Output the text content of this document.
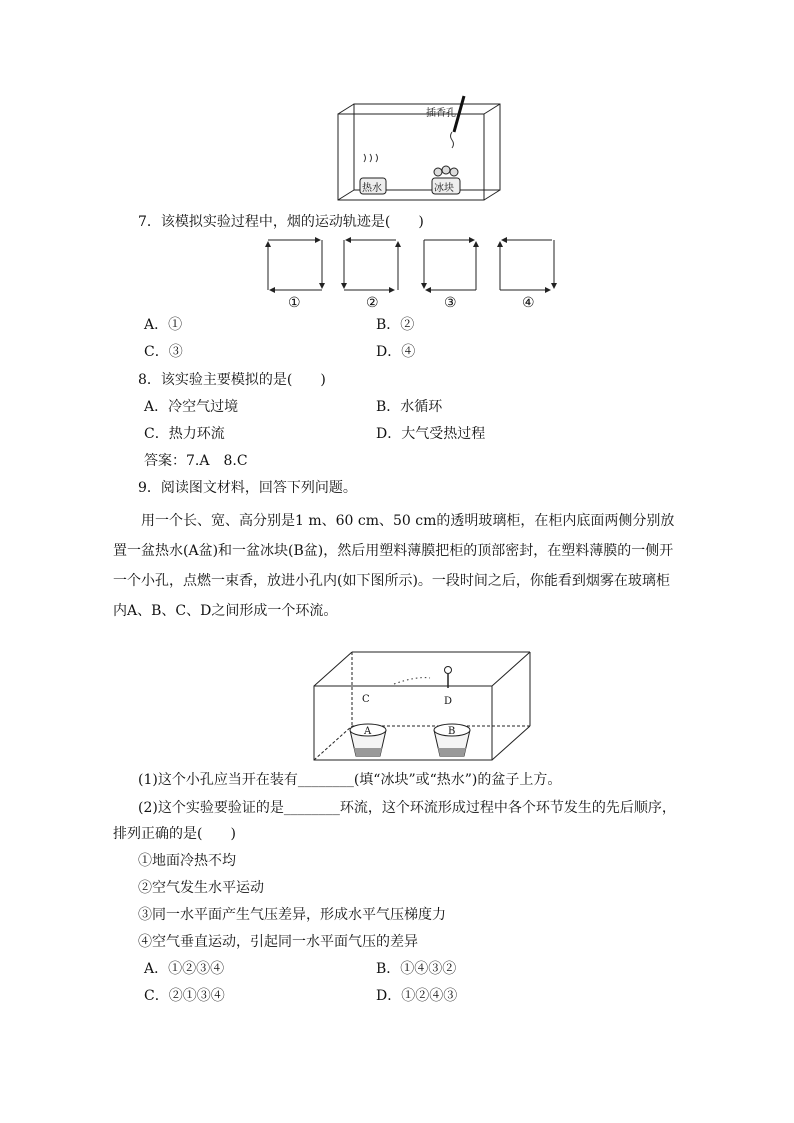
插香孔
热水	冰块
7．该模拟实验过程中，烟的运动轨迹是(　　)
①	②	③	④
A．①	B．②
C．③	D．④
8．该实验主要模拟的是(　　)
A．冷空气过境	B．水循环
C．热力环流	D．大气受热过程
答案：7.A　8.C
9．阅读图文材料，回答下列问题。
用一个长、宽、高分别是1 m、60 cm、50 cm的透明玻璃柜，在柜内底面两侧分别放置一盆热水(A盆)和一盆冰块(B盆)，然后用塑料薄膜把柜的顶部密封，在塑料薄膜的一侧开一个小孔，点燃一束香，放进小孔内(如下图所示)。一段时间之后，你能看到烟雾在玻璃柜内A、B、C、D之间形成一个环流。
C	D
A	B
(1)这个小孔应当开在装有________(填“冰块”或“热水”)的盆子上方。
(2)这个实验要验证的是________环流，这个环流形成过程中各个环节发生的先后顺序，
排列正确的是(　　)
①地面冷热不均
②空气发生水平运动
③同一水平面产生气压差异，形成水平气压梯度力
④空气垂直运动，引起同一水平面气压的差异
A．①②③④	B．①④③②
C．②①③④	D．①②④③
